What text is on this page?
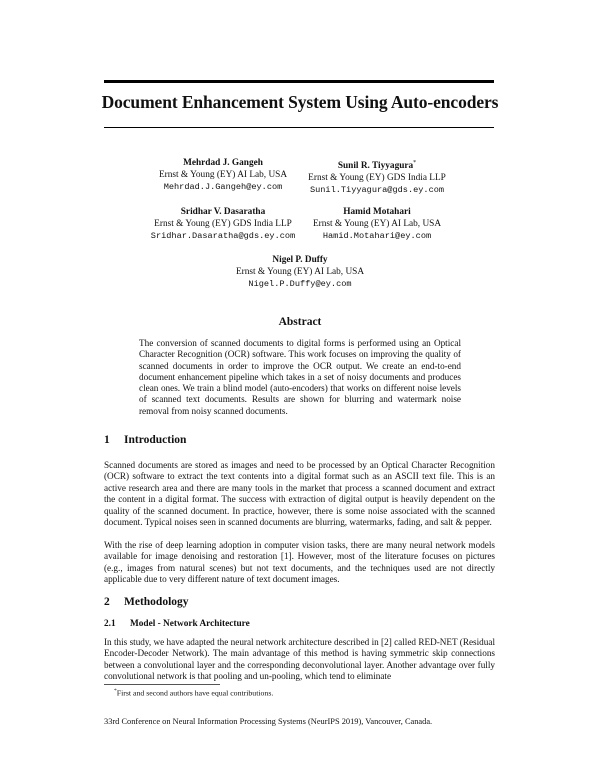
Document Enhancement System Using Auto-encoders
Mehrdad J. Gangeh
Ernst & Young (EY) AI Lab, USA
Mehrdad.J.Gangeh@ey.com
Sunil R. Tiyyagura*
Ernst & Young (EY) GDS India LLP
Sunil.Tiyyagura@gds.ey.com
Sridhar V. Dasaratha
Ernst & Young (EY) GDS India LLP
Sridhar.Dasaratha@gds.ey.com
Hamid Motahari
Ernst & Young (EY) AI Lab, USA
Hamid.Motahari@ey.com
Nigel P. Duffy
Ernst & Young (EY) AI Lab, USA
Nigel.P.Duffy@ey.com
Abstract
The conversion of scanned documents to digital forms is performed using an Optical Character Recognition (OCR) software. This work focuses on improving the quality of scanned documents in order to improve the OCR output. We create an end-to-end document enhancement pipeline which takes in a set of noisy documents and produces clean ones. We train a blind model (auto-encoders) that works on different noise levels of scanned text documents. Results are shown for blurring and watermark noise removal from noisy scanned documents.
1 Introduction
Scanned documents are stored as images and need to be processed by an Optical Character Recognition (OCR) software to extract the text contents into a digital format such as an ASCII text file. This is an active research area and there are many tools in the market that process a scanned document and extract the content in a digital format. The success with extraction of digital output is heavily dependent on the quality of the scanned document. In practice, however, there is some noise associated with the scanned document. Typical noises seen in scanned documents are blurring, watermarks, fading, and salt & pepper.
With the rise of deep learning adoption in computer vision tasks, there are many neural network models available for image denoising and restoration [1]. However, most of the literature focuses on pictures (e.g., images from natural scenes) but not text documents, and the techniques used are not directly applicable due to very different nature of text document images.
2 Methodology
2.1 Model - Network Architecture
In this study, we have adapted the neural network architecture described in [2] called RED-NET (Residual Encoder-Decoder Network). The main advantage of this method is having symmetric skip connections between a convolutional layer and the corresponding deconvolutional layer. Another advantage over fully convolutional network is that pooling and un-pooling, which tend to eliminate
*First and second authors have equal contributions.
33rd Conference on Neural Information Processing Systems (NeurIPS 2019), Vancouver, Canada.
